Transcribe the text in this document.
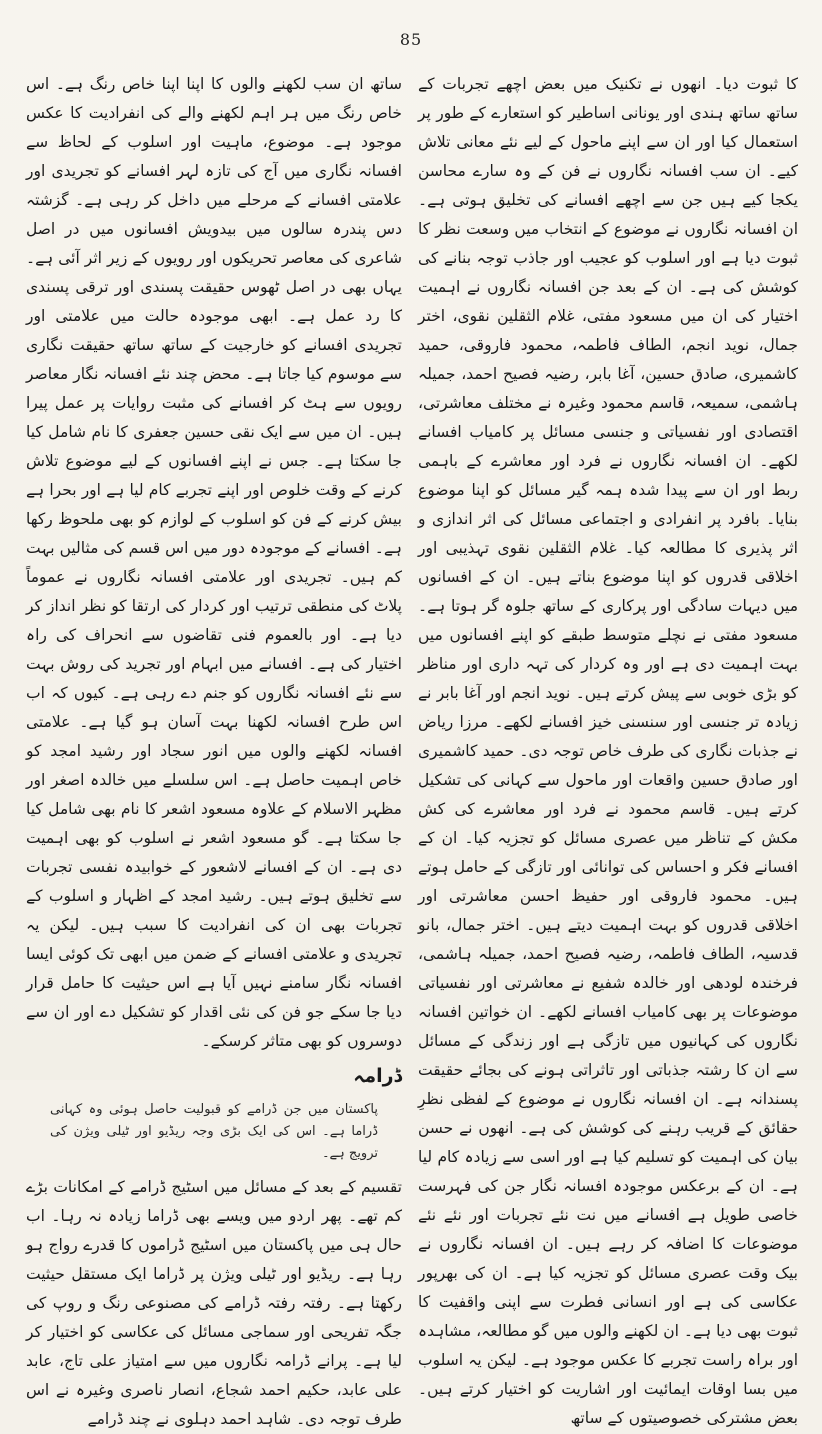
85

کا ثبوت دیا۔ انھوں نے تکنیک میں بعض اچھے تجربات کے ساتھ ساتھ ہندی اور یونانی اساطیر کو استعارے کے طور پر استعمال کیا اور ان سے اپنے ماحول کے لیے نئے معانی تلاش کیے۔ ان سب افسانہ نگاروں نے فن کے وہ سارے محاسن یکجا کیے ہیں جن سے اچھے افسانے کی تخلیق ہوتی ہے۔ ان افسانہ نگاروں نے موضوع کے انتخاب میں وسعت نظر کا ثبوت دیا ہے اور اسلوب کو عجیب اور جاذب توجہ بنانے کی کوشش کی ہے۔ ان کے بعد جن افسانہ نگاروں نے اہمیت اختیار کی ان میں مسعود مفتی، غلام الثقلین نقوی، اختر جمال، نوید انجم، الطاف فاطمہ، محمود فاروقی، حمید کاشمیری، صادق حسین، آغا بابر، رضیہ فصیح احمد، جمیلہ ہاشمی، سمیعہ، قاسم محمود وغیرہ نے مختلف معاشرتی، اقتصادی اور نفسیاتی و جنسی مسائل پر کامیاب افسانے لکھے۔ ان افسانہ نگاروں نے فرد اور معاشرے کے باہمی ربط اور ان سے پیدا شدہ ہمہ گیر مسائل کو اپنا موضوع بنایا۔ بافرد پر انفرادی و اجتماعی مسائل کی اثر اندازی و اثر پذیری کا مطالعہ کیا۔ غلام الثقلین نقوی تہذیبی اور اخلاقی قدروں کو اپنا موضوع بناتے ہیں۔ ان کے افسانوں میں دیہات سادگی اور پرکاری کے ساتھ جلوہ گر ہوتا ہے۔ مسعود مفتی نے نچلے متوسط طبقے کو اپنے افسانوں میں بہت اہمیت دی ہے اور وہ کردار کی تہہ داری اور مناظر کو بڑی خوبی سے پیش کرتے ہیں۔ نوید انجم اور آغا بابر نے زیادہ تر جنسی اور سنسنی خیز افسانے لکھے۔ مرزا ریاض نے جذبات نگاری کی طرف خاص توجہ دی۔ حمید کاشمیری اور صادق حسین واقعات اور ماحول سے کہانی کی تشکیل کرتے ہیں۔ قاسم محمود نے فرد اور معاشرے کی کش مکش کے تناظر میں عصری مسائل کو تجزیہ کیا۔ ان کے افسانے فکر و احساس کی توانائی اور تازگی کے حامل ہوتے ہیں۔ محمود فاروقی اور حفیظ احسن معاشرتی اور اخلاقی قدروں کو بہت اہمیت دیتے ہیں۔ اختر جمال، بانو قدسیہ، الطاف فاطمہ، رضیہ فصیح احمد، جمیلہ ہاشمی، فرخندہ لودھی اور خالدہ شفیع نے معاشرتی اور نفسیاتی موضوعات پر بھی کامیاب افسانے لکھے۔ ان خواتین افسانہ نگاروں کی کہانیوں میں تازگی ہے اور زندگی کے مسائل سے ان کا رشتہ جذباتی اور تاثراتی ہونے کی بجائے حقیقت پسندانہ ہے۔ ان افسانہ نگاروں نے موضوع کے لفظی نظرِ حقائق کے قریب رہنے کی کوشش کی ہے۔ انھوں نے حسن بیان کی اہمیت کو تسلیم کیا ہے اور اسی سے زیادہ کام لیا ہے۔ ان کے برعکس موجودہ افسانہ نگار جن کی فہرست خاصی طویل ہے افسانے میں نت نئے تجربات اور نئے نئے موضوعات کا اضافہ کر رہے ہیں۔ ان افسانہ نگاروں نے بیک وقت عصری مسائل کو تجزیہ کیا ہے۔ ان کی بھرپور عکاسی کی ہے اور انسانی فطرت سے اپنی واقفیت کا ثبوت بھی دیا ہے۔ ان لکھنے والوں میں گو مطالعہ، مشاہدہ اور براہ راست تجربے کا عکس موجود ہے۔ لیکن یہ اسلوب میں بسا اوقات ایمائیت اور اشاریت کو اختیار کرتے ہیں۔ بعض مشترکی خصوصیتوں کے ساتھ

ساتھ ان سب لکھنے والوں کا اپنا اپنا خاص رنگ ہے۔ اس خاص رنگ میں ہر اہم لکھنے والے کی انفرادیت کا عکس موجود ہے۔ موضوع، ماہیت اور اسلوب کے لحاظ سے افسانہ نگاری میں آج کی تازہ لہر افسانے کو تجریدی اور علامتی افسانے کے مرحلے میں داخل کر رہی ہے۔ گزشتہ دس پندرہ سالوں میں بیدویش افسانوں میں در اصل شاعری کی معاصر تحریکوں اور رویوں کے زیر اثر آئی ہے۔ یہاں بھی در اصل ٹھوس حقیقت پسندی اور ترقی پسندی کا رد عمل ہے۔ ابھی موجودہ حالت میں علامتی اور تجریدی افسانے کو خارجیت کے ساتھ ساتھ حقیقت نگاری سے موسوم کیا جاتا ہے۔ محض چند نئے افسانہ نگار معاصر رویوں سے ہٹ کر افسانے کی مثبت روایات پر عمل پیرا ہیں۔ ان میں سے ایک نقی حسین جعفری کا نام شامل کیا جا سکتا ہے۔ جس نے اپنے افسانوں کے لیے موضوع تلاش کرنے کے وقت خلوص اور اپنے تجربے کام لیا ہے اور بحرا ہے بیش کرنے کے فن کو اسلوب کے لوازم کو بھی ملحوظ رکھا ہے۔ افسانے کے موجودہ دور میں اس قسم کی مثالیں بہت کم ہیں۔ تجریدی اور علامتی افسانہ نگاروں نے عموماً پلاٹ کی منطقی ترتیب اور کردار کی ارتقا کو نظر انداز کر دیا ہے۔ اور بالعموم فنی تقاضوں سے انحراف کی راہ اختیار کی ہے۔ افسانے میں ابہام اور تجرید کی روش بہت سے نئے افسانہ نگاروں کو جنم دے رہی ہے۔ کیوں کہ اب اس طرح افسانہ لکھنا بہت آسان ہو گیا ہے۔ علامتی افسانہ لکھنے والوں میں انور سجاد اور رشید امجد کو خاص اہمیت حاصل ہے۔ اس سلسلے میں خالدہ اصغر اور مظہر الاسلام کے علاوہ مسعود اشعر کا نام بھی شامل کیا جا سکتا ہے۔ گو مسعود اشعر نے اسلوب کو بھی اہمیت دی ہے۔ ان کے افسانے لاشعور کے خوابیدہ نفسی تجربات سے تخلیق ہوتے ہیں۔ رشید امجد کے اظہار و اسلوب کے تجربات بھی ان کی انفرادیت کا سبب ہیں۔ لیکن یہ تجریدی و علامتی افسانے کے ضمن میں ابھی تک کوئی ایسا افسانہ نگار سامنے نہیں آیا ہے اس حیثیت کا حامل قرار دیا جا سکے جو فن کی نئی اقدار کو تشکیل دے اور ان سے دوسروں کو بھی متاثر کرسکے۔

ڈرامہ
پاکستان میں جن ڈرامے کو قبولیت حاصل ہوئی وہ کہانی ڈراما ہے۔ اس کی ایک بڑی وجہ ریڈیو اور ٹیلی ویژن کی ترویج ہے۔

تقسیم کے بعد کے مسائل میں اسٹیج ڈرامے کے امکانات بڑے کم تھے۔ پھر اردو میں ویسے بھی ڈراما زیادہ نہ رہا۔ اب حال ہی میں پاکستان میں اسٹیج ڈراموں کا قدرے رواج ہو رہا ہے۔ ریڈیو اور ٹیلی ویژن پر ڈراما ایک مستقل حیثیت رکھتا ہے۔ رفتہ رفتہ ڈرامے کی مصنوعی رنگ و روپ کی جگہ تفریحی اور سماجی مسائل کی عکاسی کو اختیار کر لیا ہے۔ پرانے ڈرامہ نگاروں میں سے امتیاز علی تاج، عابد علی عابد، حکیم احمد شجاع، انصار ناصری وغیرہ نے اس طرف توجہ دی۔ شاہد احمد دہلوی نے چند ڈرامے
